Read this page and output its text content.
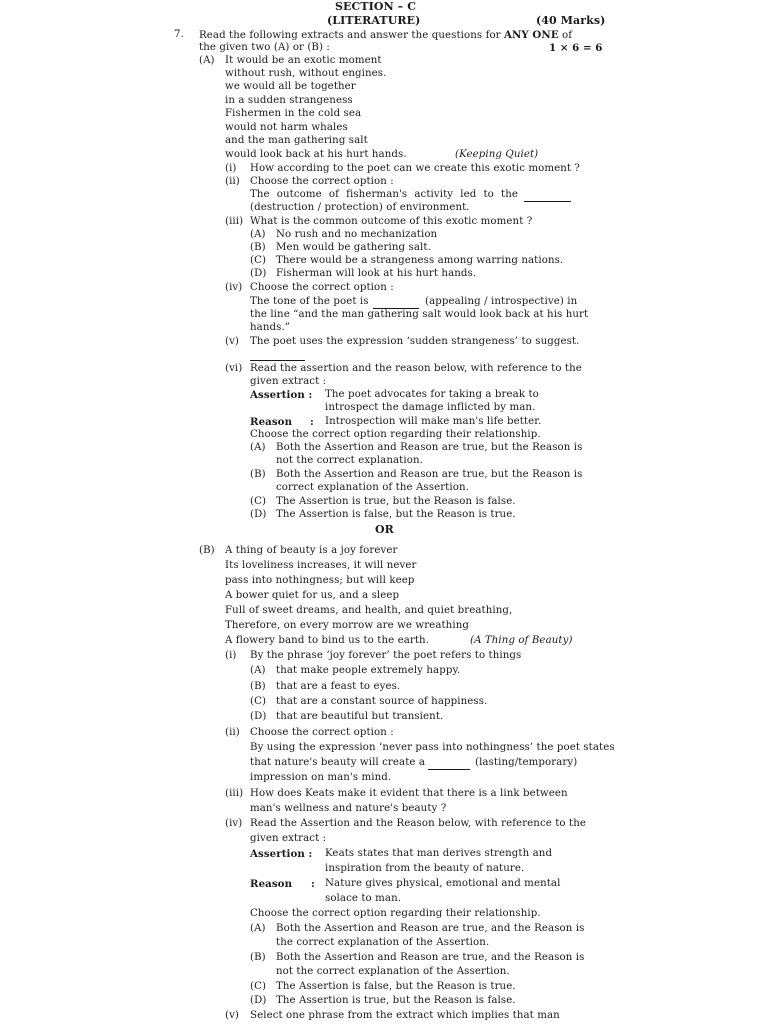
SECTION – C
(LITERATURE)	(40 Marks)
7. Read the following extracts and answer the questions for ANY ONE of
the given two (A) or (B) :	1 × 6 = 6
(A) It would be an exotic moment
without rush, without engines.
we would all be together
in a sudden strangeness
Fishermen in the cold sea
would not harm whales
and the man gathering salt
would look back at his hurt hands.	(Keeping Quiet)
(i) How according to the poet can we create this exotic moment ?
(ii) Choose the correct option :
The outcome of fisherman's activity led to the
(destruction / protection) of environment.
(iii) What is the common outcome of this exotic moment ?
(A) No rush and no mechanization
(B) Men would be gathering salt.
(C) There would be a strangeness among warring nations.
(D) Fisherman will look at his hurt hands.
(iv) Choose the correct option :
The tone of the poet is	(appealing / introspective) in
the line “and the man gathering salt would look back at his hurt
hands.”
(v) The poet uses the expression ‘sudden strangeness’ to suggest.
(vi) Read the assertion and the reason below, with reference to the
given extract :
Assertion : The poet advocates for taking a break to
introspect the damage inflicted by man.
Reason : Introspection will make man's life better.
Choose the correct option regarding their relationship.
(A) Both the Assertion and Reason are true, but the Reason is
not the correct explanation.
(B) Both the Assertion and Reason are true, but the Reason is
correct explanation of the Assertion.
(C) The Assertion is true, but the Reason is false.
(D) The Assertion is false, but the Reason is true.
OR
(B) A thing of beauty is a joy forever
Its loveliness increases, it will never
pass into nothingness; but will keep
A bower quiet for us, and a sleep
Full of sweet dreams, and health, and quiet breathing,
Therefore, on every morrow are we wreathing
A flowery band to bind us to the earth.	(A Thing of Beauty)
(i) By the phrase ‘joy forever’ the poet refers to things
(A) that make people extremely happy.
(B) that are a feast to eyes.
(C) that are a constant source of happiness.
(D) that are beautiful but transient.
(ii) Choose the correct option :
By using the expression ‘never pass into nothingness’ the poet states
that nature's beauty will create a	(lasting/temporary)
impression on man's mind.
(iii) How does Keats make it evident that there is a link between
man's wellness and nature's beauty ?
(iv) Read the Assertion and the Reason below, with reference to the
given extract :
Assertion : Keats states that man derives strength and
inspiration from the beauty of nature.
Reason : Nature gives physical, emotional and mental
solace to man.
Choose the correct option regarding their relationship.
(A) Both the Assertion and Reason are true, and the Reason is
the correct explanation of the Assertion.
(B) Both the Assertion and Reason are true, and the Reason is
not the correct explanation of the Assertion.
(C) The Assertion is false, but the Reason is true.
(D) The Assertion is true, but the Reason is false.
(v) Select one phrase from the extract which implies that man
